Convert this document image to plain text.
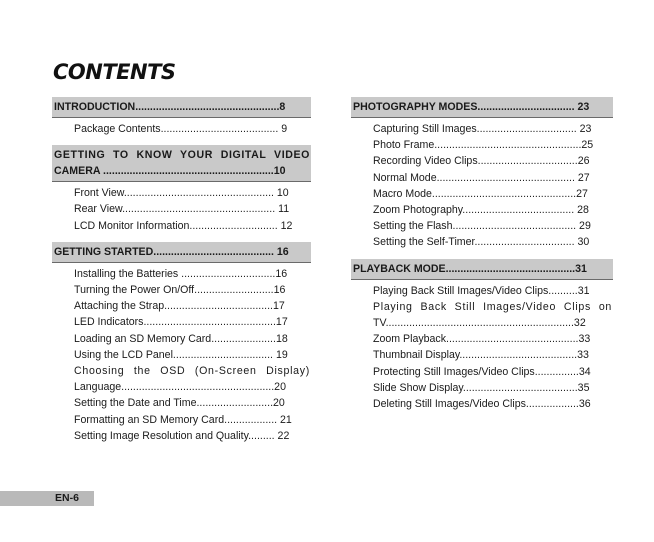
CONTENTS
INTRODUCTION.................................................8
Package Contents........................................ 9
GETTING TO KNOW YOUR DIGITAL VIDEO
CAMERA ..........................................................10
Front View................................................... 10
Rear View.................................................... 11
LCD Monitor Information.............................. 12
GETTING STARTED......................................... 16
Installing the Batteries ................................16
Turning the Power On/Off...........................16
Attaching the Strap.....................................17
LED Indicators.............................................17
Loading an SD Memory Card......................18
Using the LCD Panel.................................. 19
Choosing the OSD (On-Screen Display)
Language....................................................20
Setting the Date and Time..........................20
Formatting an SD Memory Card.................. 21
Setting Image Resolution and Quality......... 22
PHOTOGRAPHY MODES................................. 23
Capturing Still Images.................................. 23
Photo Frame..................................................25
Recording Video Clips..................................26
Normal Mode............................................... 27
Macro Mode.................................................27
Zoom Photography...................................... 28
Setting the Flash.......................................... 29
Setting the Self-Timer.................................. 30
PLAYBACK MODE............................................31
Playing Back Still Images/Video Clips..........31
Playing Back Still Images/Video Clips on
TV................................................................32
Zoom Playback.............................................33
Thumbnail Display........................................33
Protecting Still Images/Video Clips...............34
Slide Show Display.......................................35
Deleting Still Images/Video Clips..................36
EN-6
